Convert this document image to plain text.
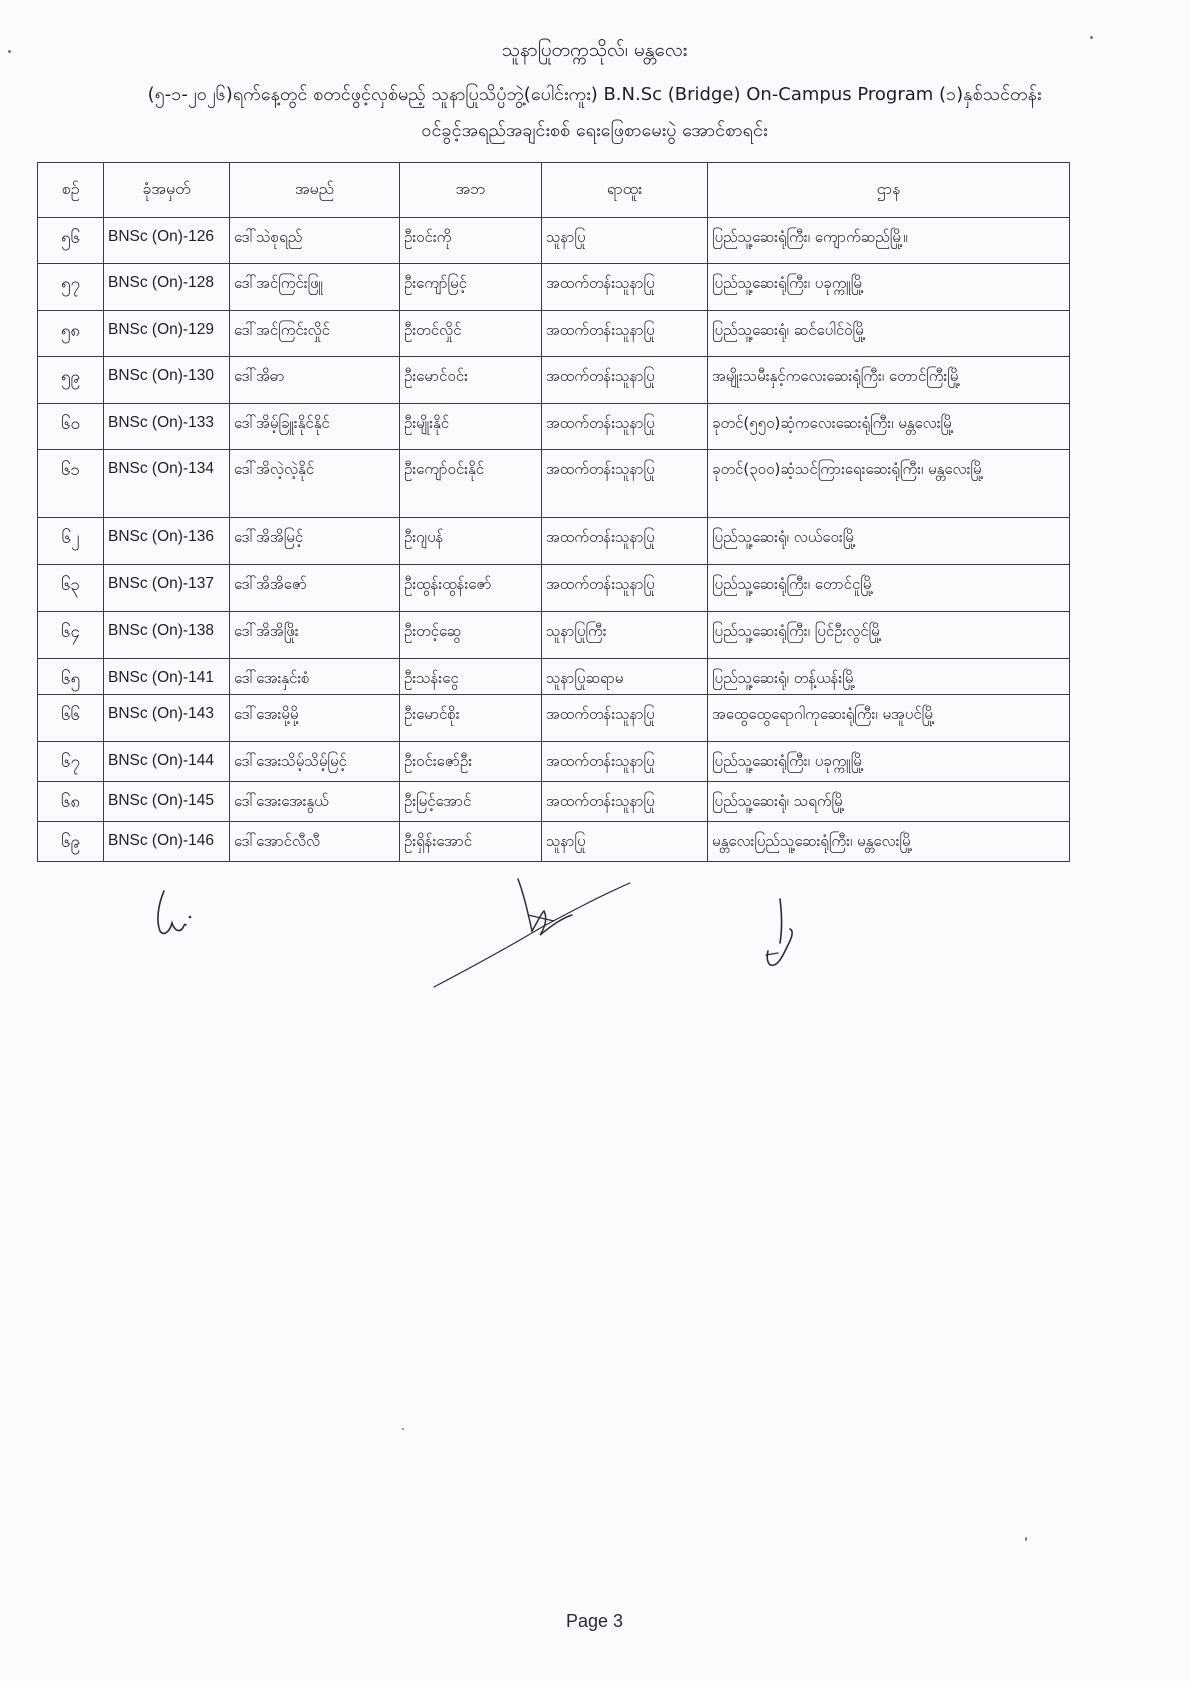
သူနာပြုတက္ကသိုလ်၊ မန္တလေး
(၅-၁-၂၀၂၆)ရက်နေ့တွင် စတင်ဖွင့်လှစ်မည့် သူနာပြုသိပ္ပံဘွဲ့(ပေါင်းကူး) B.N.Sc (Bridge) On-Campus Program (၁)နှစ်သင်တန်း
ဝင်ခွင့်အရည်အချင်းစစ် ရေးဖြေစာမေးပွဲ အောင်စာရင်း
စဉ်	ခုံအမှတ်	အမည်	အဘ	ရာထူး	ဌာန
၅၆	BNSc (On)-126	ဒေါ်သဲစုရည်	ဦးဝင်းကို	သူနာပြု	ပြည်သူ့ဆေးရုံကြီး၊ ကျောက်ဆည်မြို့။
၅၇	BNSc (On)-128	ဒေါ်အင်ကြင်းဖြူ	ဦးကျော်မြင့်	အထက်တန်းသူနာပြု	ပြည်သူ့ဆေးရုံကြီး၊ ပခုက္ကူမြို့
၅၈	BNSc (On)-129	ဒေါ်အင်ကြင်းလှိုင်	ဦးတင်လှိုင်	အထက်တန်းသူနာပြု	ပြည်သူ့ဆေးရုံ၊ ဆင်ပေါင်ဝဲမြို့
၅၉	BNSc (On)-130	ဒေါ်အိဓာ	ဦးမောင်ဝင်း	အထက်တန်းသူနာပြု	အမျိုးသမီးနှင့်ကလေးဆေးရုံကြီး၊ တောင်ကြီးမြို့
၆၀	BNSc (On)-133	ဒေါ်အိမ့်ခြူးနိုင်နိုင်	ဦးမျိုးနိုင်	အထက်တန်းသူနာပြု	ခုတင်(၅၅၀)ဆံ့ကလေးဆေးရုံကြီး၊ မန္တလေးမြို့
၆၁	BNSc (On)-134	ဒေါ်အိလဲ့လဲ့နိုင်	ဦးကျော်ဝင်းနိုင်	အထက်တန်းသူနာပြု	ခုတင်(၃၀၀)ဆံ့သင်ကြားရေးဆေးရုံကြီး၊ မန္တလေးမြို့
၆၂	BNSc (On)-136	ဒေါ်အိအိမြင့်	ဦးဂျပန်	အထက်တန်းသူနာပြု	ပြည်သူ့ဆေးရုံ၊ လယ်ဝေးမြို့
၆၃	BNSc (On)-137	ဒေါ်အိအိဇော်	ဦးထွန်းထွန်းဇော်	အထက်တန်းသူနာပြု	ပြည်သူ့ဆေးရုံကြီး၊ တောင်ငူမြို့
၆၄	BNSc (On)-138	ဒေါ်အိအိဖြိုး	ဦးတင့်ဆွေ	သူနာပြုကြီး	ပြည်သူ့ဆေးရုံကြီး၊ ပြင်ဦးလွင်မြို့
၆၅	BNSc (On)-141	ဒေါ်အေးနှင်းစံ	ဦးသန်းငွေ	သူနာပြုဆရာမ	ပြည်သူ့ဆေးရုံ၊ တန့်ယန်းမြို့
၆၆	BNSc (On)-143	ဒေါ်အေးမို့မို့	ဦးမောင်စိုး	အထက်တန်းသူနာပြု	အထွေထွေရောဂါကုဆေးရုံကြီး၊ မအူပင်မြို့
၆၇	BNSc (On)-144	ဒေါ်အေးသိမ့်သိမ့်မြင့်	ဦးဝင်းဇော်ဦး	အထက်တန်းသူနာပြု	ပြည်သူ့ဆေးရုံကြီး၊ ပခုက္ကူမြို့
၆၈	BNSc (On)-145	ဒေါ်အေးအေးနွယ်	ဦးမြင့်အောင်	အထက်တန်းသူနာပြု	ပြည်သူ့ဆေးရုံ၊ သရက်မြို့
၆၉	BNSc (On)-146	ဒေါ်အောင်လီလီ	ဦးရှိန်းအောင်	သူနာပြု	မန္တလေးပြည်သူ့ဆေးရုံကြီး၊ မန္တလေးမြို့
Page 3
